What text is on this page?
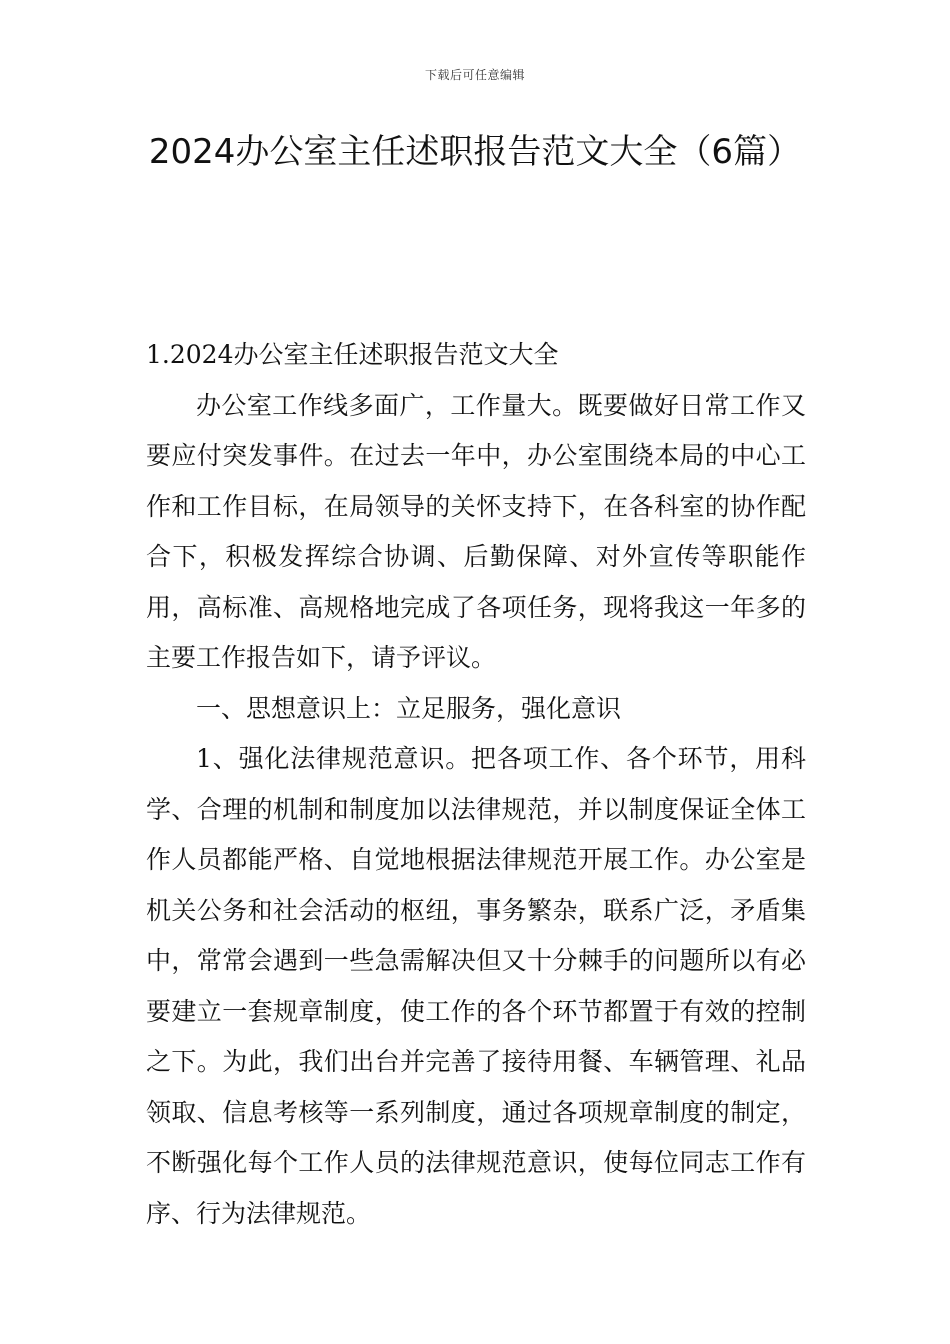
下载后可任意编辑
2024办公室主任述职报告范文大全（6篇）

1.2024办公室主任述职报告范文大全

办公室工作线多面广，工作量大。既要做好日常工作又要应付突发事件。在过去一年中，办公室围绕本局的中心工作和工作目标，在局领导的关怀支持下，在各科室的协作配合下，积极发挥综合协调、后勤保障、对外宣传等职能作用，高标准、高规格地完成了各项任务，现将我这一年多的主要工作报告如下，请予评议。

一、思想意识上：立足服务，强化意识

1、强化法律规范意识。把各项工作、各个环节，用科学、合理的机制和制度加以法律规范，并以制度保证全体工作人员都能严格、自觉地根据法律规范开展工作。办公室是机关公务和社会活动的枢纽，事务繁杂，联系广泛，矛盾集中，常常会遇到一些急需解决但又十分棘手的问题所以有必要建立一套规章制度，使工作的各个环节都置于有效的控制之下。为此，我们出台并完善了接待用餐、车辆管理、礼品领取、信息考核等一系列制度，通过各项规章制度的制定，不断强化每个工作人员的法律规范意识，使每位同志工作有序、行为法律规范。
